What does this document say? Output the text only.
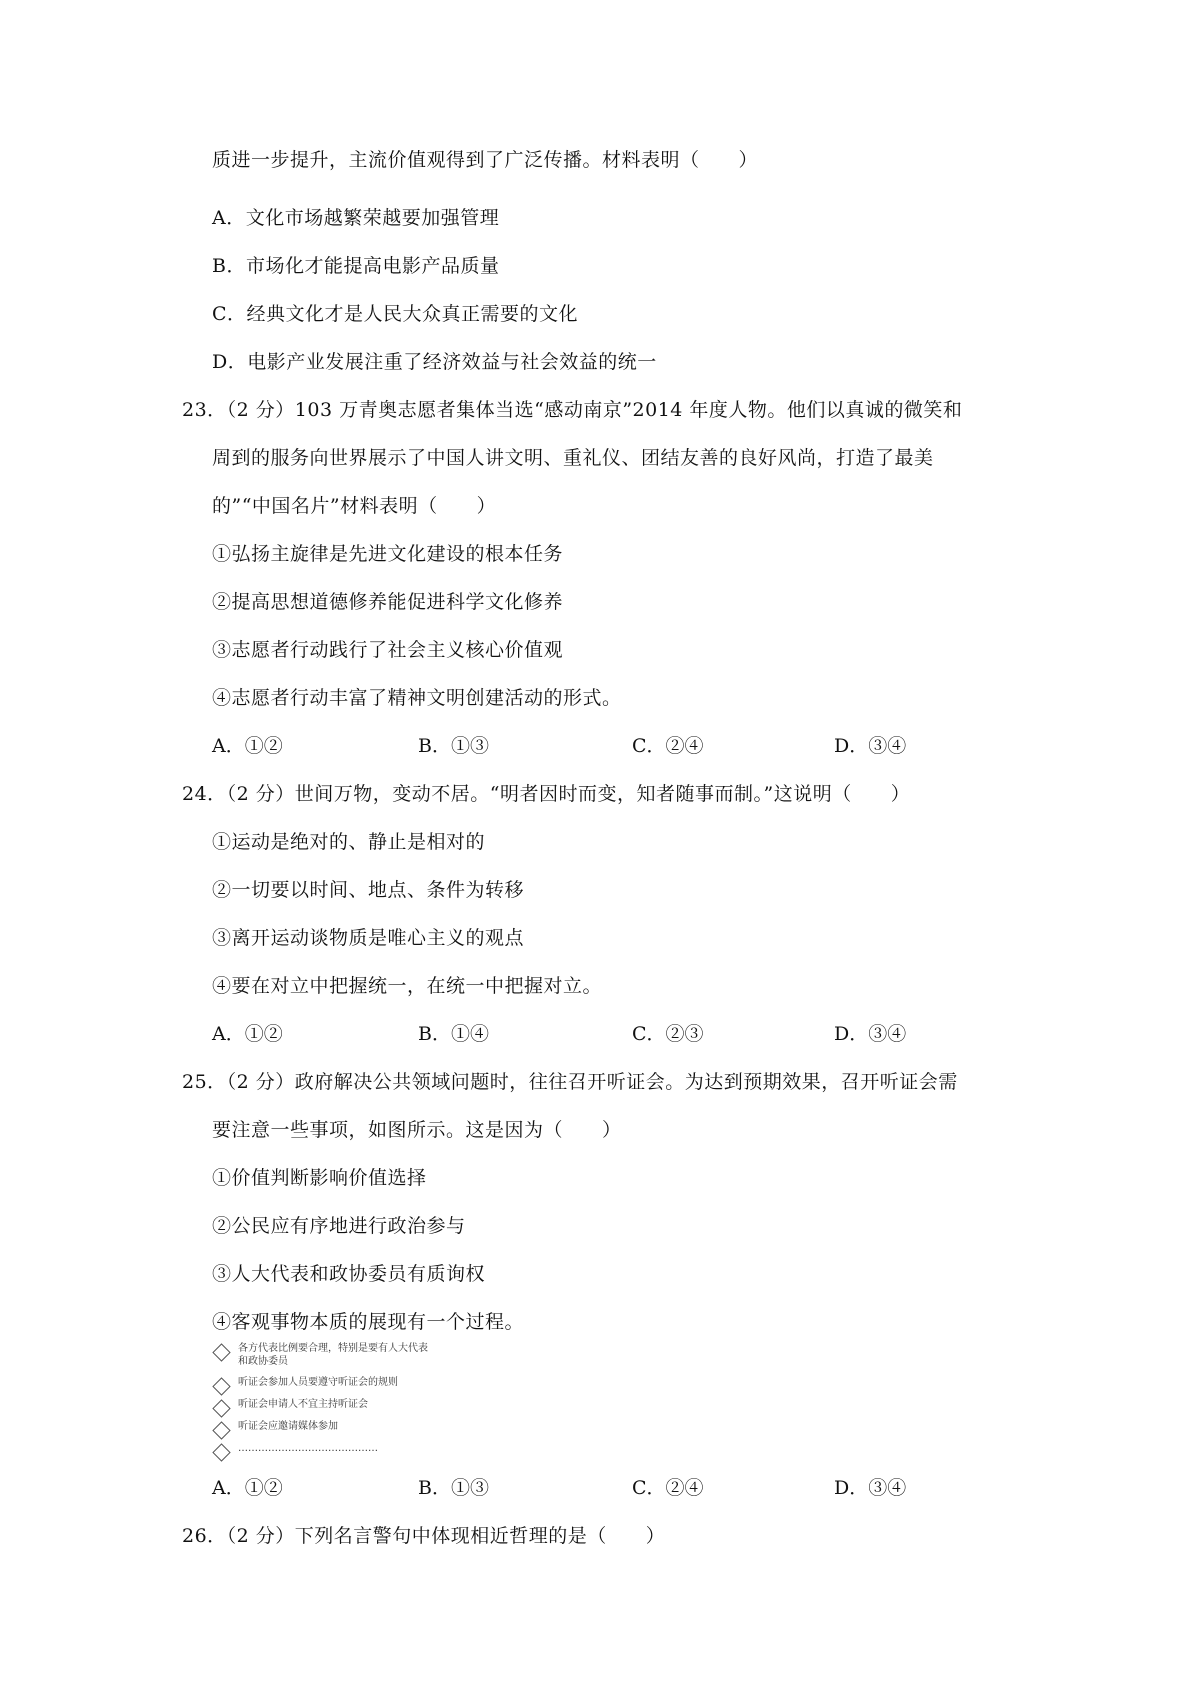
质进一步提升，主流价值观得到了广泛传播。材料表明（　　）
A．文化市场越繁荣越要加强管理
B．市场化才能提高电影产品质量
C．经典文化才是人民大众真正需要的文化
D．电影产业发展注重了经济效益与社会效益的统一
23．（2 分）103 万青奥志愿者集体当选“感动南京”2014 年度人物。他们以真诚的微笑和
周到的服务向世界展示了中国人讲文明、重礼仪、团结友善的良好风尚，打造了最美
的”“中国名片”材料表明（　　）
①弘扬主旋律是先进文化建设的根本任务
②提高思想道德修养能促进科学文化修养
③志愿者行动践行了社会主义核心价值观
④志愿者行动丰富了精神文明创建活动的形式。
A．①②	B．①③	C．②④	D．③④
24．（2 分）世间万物，变动不居。“明者因时而变，知者随事而制。”这说明（　　）
①运动是绝对的、静止是相对的
②一切要以时间、地点、条件为转移
③离开运动谈物质是唯心主义的观点
④要在对立中把握统一，在统一中把握对立。
A．①②	B．①④	C．②③	D．③④
25．（2 分）政府解决公共领域问题时，往往召开听证会。为达到预期效果，召开听证会需
要注意一些事项，如图所示。这是因为（　　）
①价值判断影响价值选择
②公民应有序地进行政治参与
③人大代表和政协委员有质询权
④客观事物本质的展现有一个过程。
各方代表比例要合理，特别是要有人大代表
和政协委员
听证会参加人员要遵守听证会的规则
听证会申请人不宜主持听证会
听证会应邀请媒体参加
……………………………………
A．①②	B．①③	C．②④	D．③④
26．（2 分）下列名言警句中体现相近哲理的是（　　）
